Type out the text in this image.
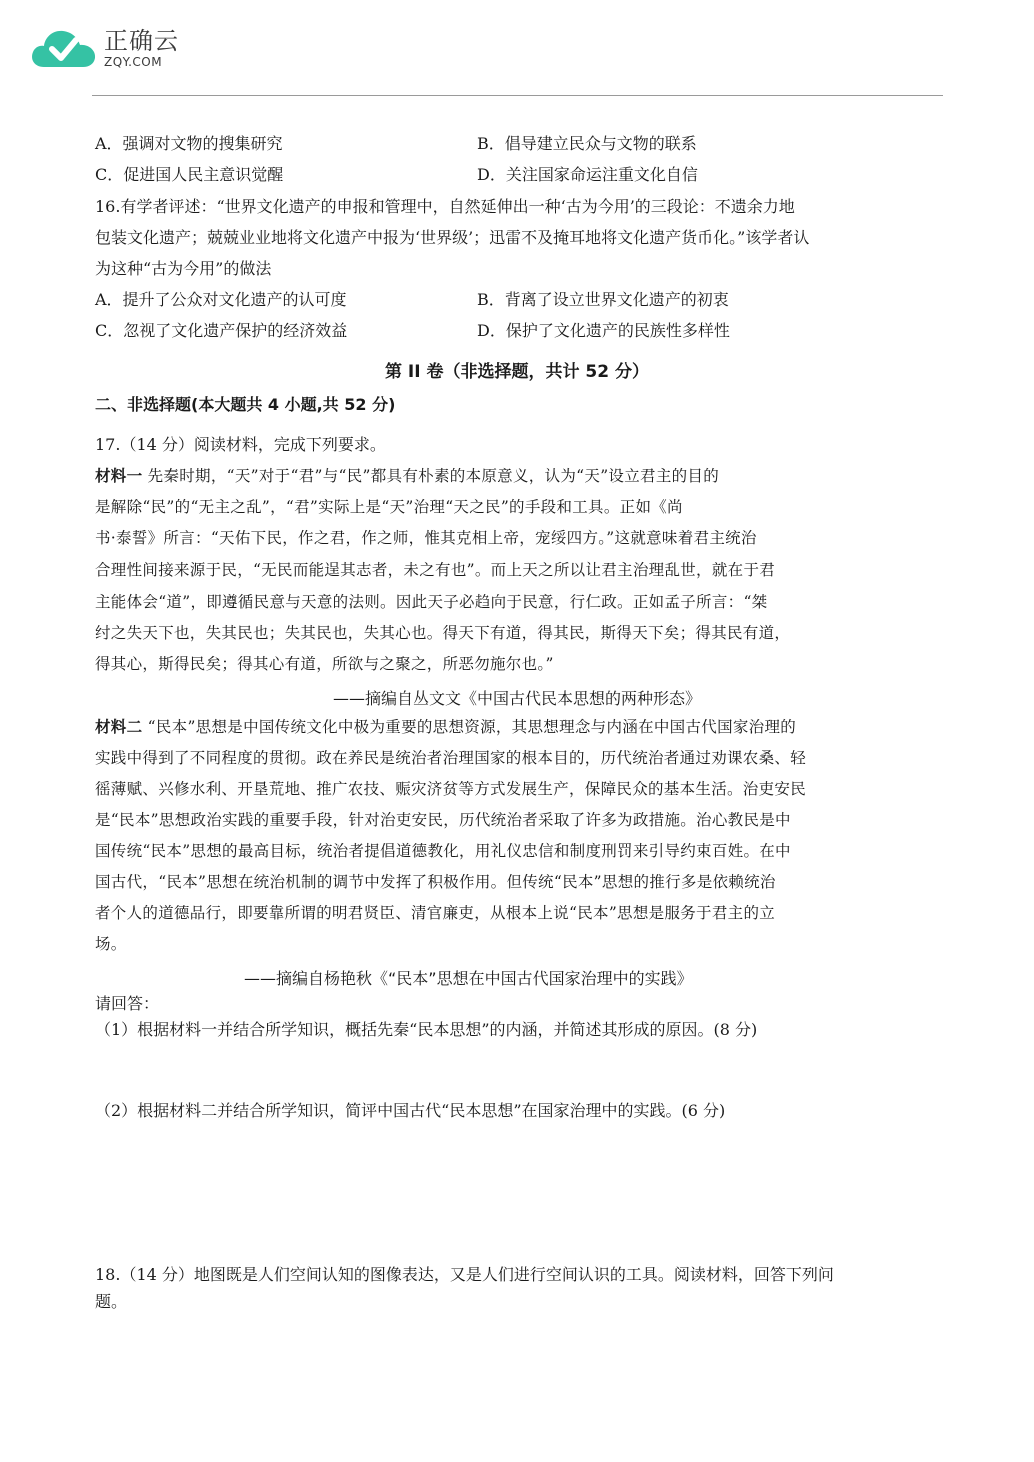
正确云
ZQY.COM
A．强调对文物的搜集研究	B．倡导建立民众与文物的联系
C．促进国人民主意识觉醒	D．关注国家命运注重文化自信
16.有学者评述：“世界文化遗产的申报和管理中，自然延伸出一种‘古为今用’的三段论：不遗余力地
包装文化遗产；兢兢业业地将文化遗产中报为‘世界级’；迅雷不及掩耳地将文化遗产货币化。”该学者认
为这种“古为今用”的做法
A．提升了公众对文化遗产的认可度	B．背离了设立世界文化遗产的初衷
C．忽视了文化遗产保护的经济效益	D．保护了文化遗产的民族性多样性
第 II 卷（非选择题，共计 52 分）
二、非选择题(本大题共 4 小题,共 52 分)
17.（14 分）阅读材料，完成下列要求。
材料一 先秦时期，“天”对于“君”与“民”都具有朴素的本原意义，认为“天”设立君主的目的
是解除“民”的“无主之乱”，“君”实际上是“天”治理“天之民”的手段和工具。正如《尚
书·泰誓》所言：“天佑下民，作之君，作之师，惟其克相上帝，宠绥四方。”这就意味着君主统治
合理性间接来源于民，“无民而能逞其志者，未之有也”。而上天之所以让君主治理乱世，就在于君
主能体会“道”，即遵循民意与天意的法则。因此天子必趋向于民意，行仁政。正如孟子所言：“桀
纣之失天下也，失其民也；失其民也，失其心也。得天下有道，得其民，斯得天下矣；得其民有道，
得其心，斯得民矣；得其心有道，所欲与之聚之，所恶勿施尔也。”
——摘编自丛文文《中国古代民本思想的两种形态》
材料二 “民本”思想是中国传统文化中极为重要的思想资源，其思想理念与内涵在中国古代国家治理的
实践中得到了不同程度的贯彻。政在养民是统治者治理国家的根本目的，历代统治者通过劝课农桑、轻
徭薄赋、兴修水利、开垦荒地、推广农技、赈灾济贫等方式发展生产，保障民众的基本生活。治吏安民
是“民本”思想政治实践的重要手段，针对治吏安民，历代统治者采取了许多为政措施。治心教民是中
国传统“民本”思想的最高目标，统治者提倡道德教化，用礼仪忠信和制度刑罚来引导约束百姓。在中
国古代，“民本”思想在统治机制的调节中发挥了积极作用。但传统“民本”思想的推行多是依赖统治
者个人的道德品行，即要靠所谓的明君贤臣、清官廉吏，从根本上说“民本”思想是服务于君主的立
场。
——摘编自杨艳秋《“民本”思想在中国古代国家治理中的实践》
请回答：
（1）根据材料一并结合所学知识，概括先秦“民本思想”的内涵，并简述其形成的原因。(8 分)
（2）根据材料二并结合所学知识，简评中国古代“民本思想”在国家治理中的实践。(6 分)
18.（14 分）地图既是人们空间认知的图像表达，又是人们进行空间认识的工具。阅读材料，回答下列问
题。
